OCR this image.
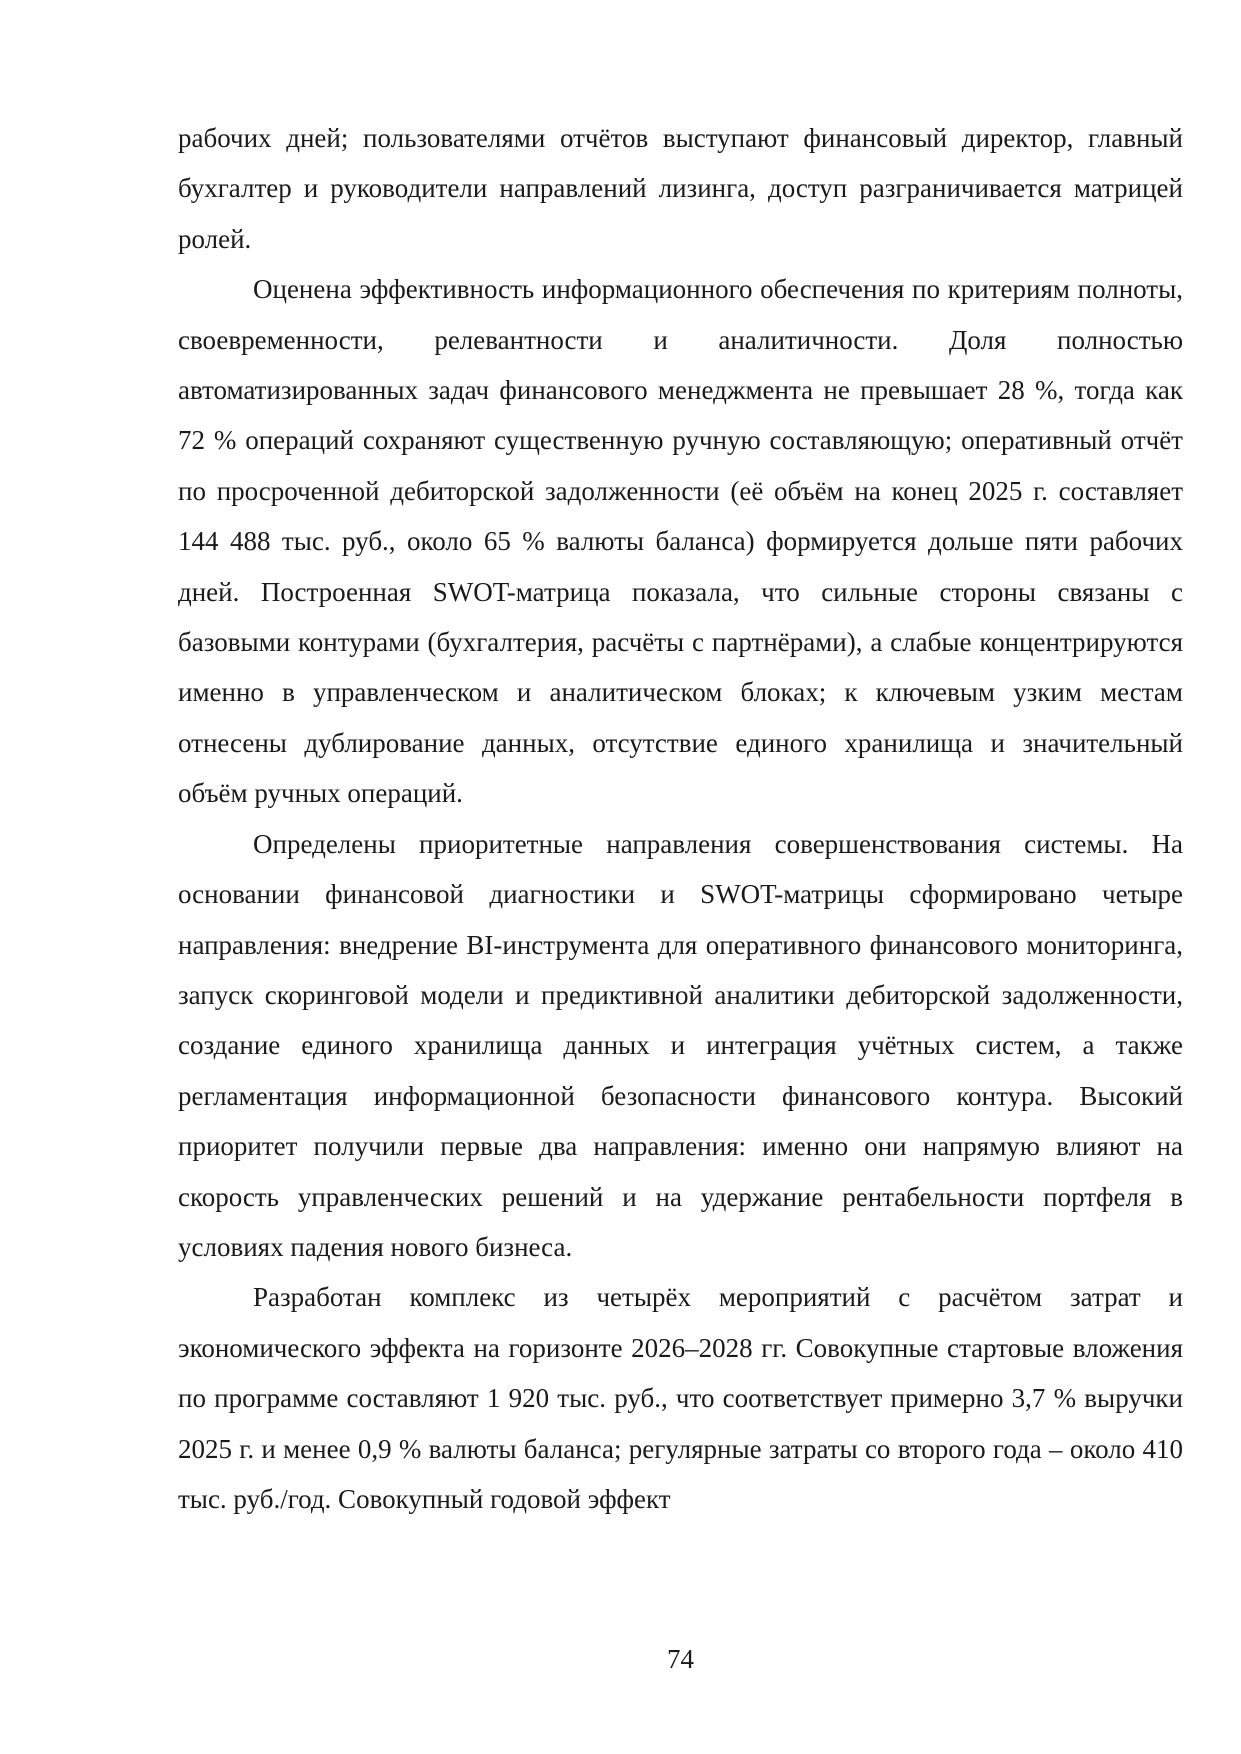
рабочих дней; пользователями отчётов выступают финансовый директор, главный бухгалтер и руководители направлений лизинга, доступ разграничивается матрицей ролей.

Оценена эффективность информационного обеспечения по критериям полноты, своевременности, релевантности и аналитичности. Доля полностью автоматизированных задач финансового менеджмента не превышает 28 %, тогда как 72 % операций сохраняют существенную ручную составляющую; оперативный отчёт по просроченной дебиторской задолженности (её объём на конец 2025 г. составляет 144 488 тыс. руб., около 65 % валюты баланса) формируется дольше пяти рабочих дней. Построенная SWOT-матрица показала, что сильные стороны связаны с базовыми контурами (бухгалтерия, расчёты с партнёрами), а слабые концентрируются именно в управленческом и аналитическом блоках; к ключевым узким местам отнесены дублирование данных, отсутствие единого хранилища и значительный объём ручных операций.

Определены приоритетные направления совершенствования системы. На основании финансовой диагностики и SWOT-матрицы сформировано четыре направления: внедрение BI-инструмента для оперативного финансового мониторинга, запуск скоринговой модели и предиктивной аналитики дебиторской задолженности, создание единого хранилища данных и интеграция учётных систем, а также регламентация информационной безопасности финансового контура. Высокий приоритет получили первые два направления: именно они напрямую влияют на скорость управленческих решений и на удержание рентабельности портфеля в условиях падения нового бизнеса.

Разработан комплекс из четырёх мероприятий с расчётом затрат и экономического эффекта на горизонте 2026–2028 гг. Совокупные стартовые вложения по программе составляют 1 920 тыс. руб., что соответствует примерно 3,7 % выручки 2025 г. и менее 0,9 % валюты баланса; регулярные затраты со второго года – около 410 тыс. руб./год. Совокупный годовой эффект

74
